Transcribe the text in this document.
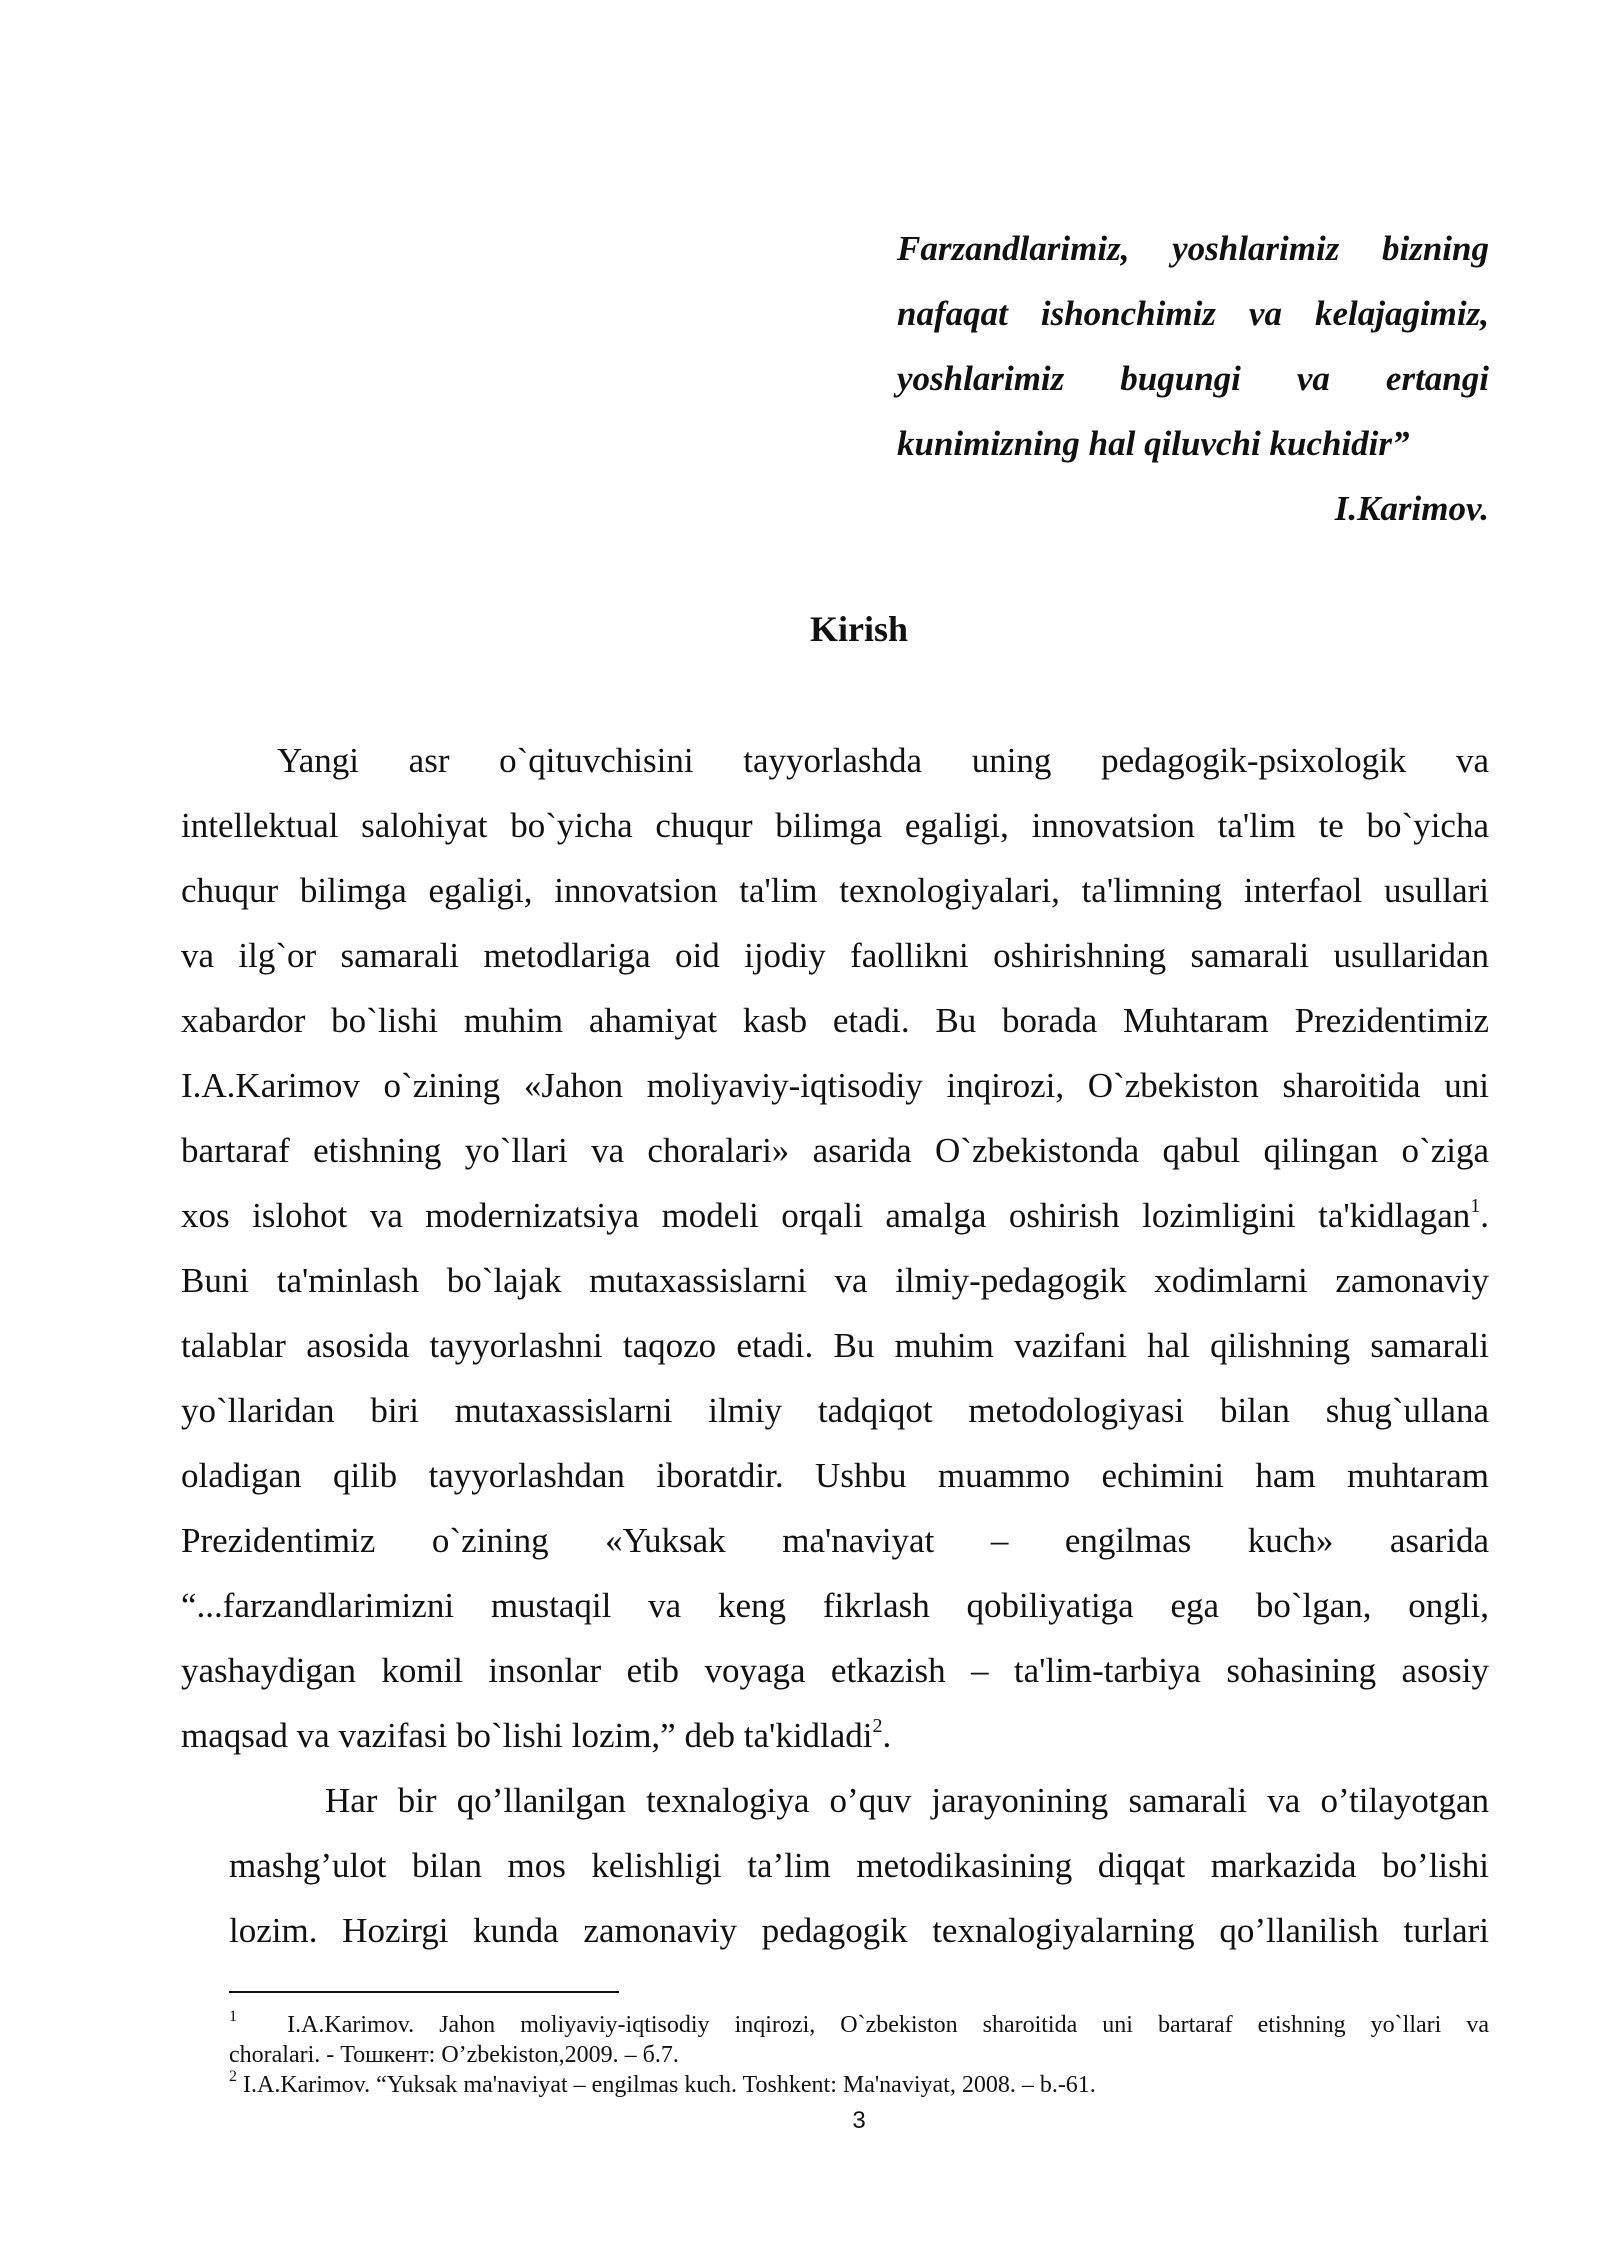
Farzandlarimiz, yoshlarimiz bizning
nafaqat ishonchimiz va kelajagimiz,
yoshlarimiz bugungi va ertangi
kunimizning hal qiluvchi kuchidir”
I.Karimov.
Kirish
Yangi asr o`qituvchisini tayyorlashda uning pedagogik-psixologik va
intellektual salohiyat bo`yicha chuqur bilimga egaligi, innovatsion ta'lim te bo`yicha
chuqur bilimga egaligi, innovatsion ta'lim texnologiyalari, ta'limning interfaol usullari
va ilg`or samarali metodlariga oid ijodiy faollikni oshirishning samarali usullaridan
xabardor bo`lishi muhim ahamiyat kasb etadi. Bu borada Muhtaram Prezidentimiz
I.A.Karimov o`zining «Jahon moliyaviy-iqtisodiy inqirozi, O`zbekiston sharoitida uni
bartaraf etishning yo`llari va choralari» asarida O`zbekistonda qabul qilingan o`ziga
xos islohot va modernizatsiya modeli orqali amalga oshirish lozimligini ta'kidlagan$^1$.
Buni ta'minlash bo`lajak mutaxassislarni va ilmiy-pedagogik xodimlarni zamonaviy
talablar asosida tayyorlashni taqozo etadi. Bu muhim vazifani hal qilishning samarali
yo`llaridan biri mutaxassislarni ilmiy tadqiqot metodologiyasi bilan shug`ullana
oladigan qilib tayyorlashdan iboratdir. Ushbu muammo echimini ham muhtaram
Prezidentimiz o`zining «Yuksak ma'naviyat – engilmas kuch» asarida
“...farzandlarimizni mustaqil va keng fikrlash qobiliyatiga ega bo`lgan, ongli,
yashaydigan komil insonlar etib voyaga etkazish – ta'lim-tarbiya sohasining asosiy
maqsad va vazifasi bo`lishi lozim,” deb ta'kidladi$^2$.
Har bir qo’llanilgan texnalogiya o’quv jarayonining samarali va o’tilayotgan
mashg’ulot bilan mos kelishligi ta’lim metodikasining diqqat markazida bo’lishi
lozim. Hozirgi kunda zamonaviy pedagogik texnalogiyalarning qo’llanilish turlari
$^1$ I.A.Karimov. Jahon moliyaviy-iqtisodiy inqirozi, O`zbekiston sharoitida uni bartaraf etishning yo`llari va
choralari. - Тошкент: O’zbekiston,2009. – б.7.
$^2$ I.A.Karimov. “Yuksak ma'naviyat – engilmas kuch. Toshkent: Ma'naviyat, 2008. – b.-61.
3
